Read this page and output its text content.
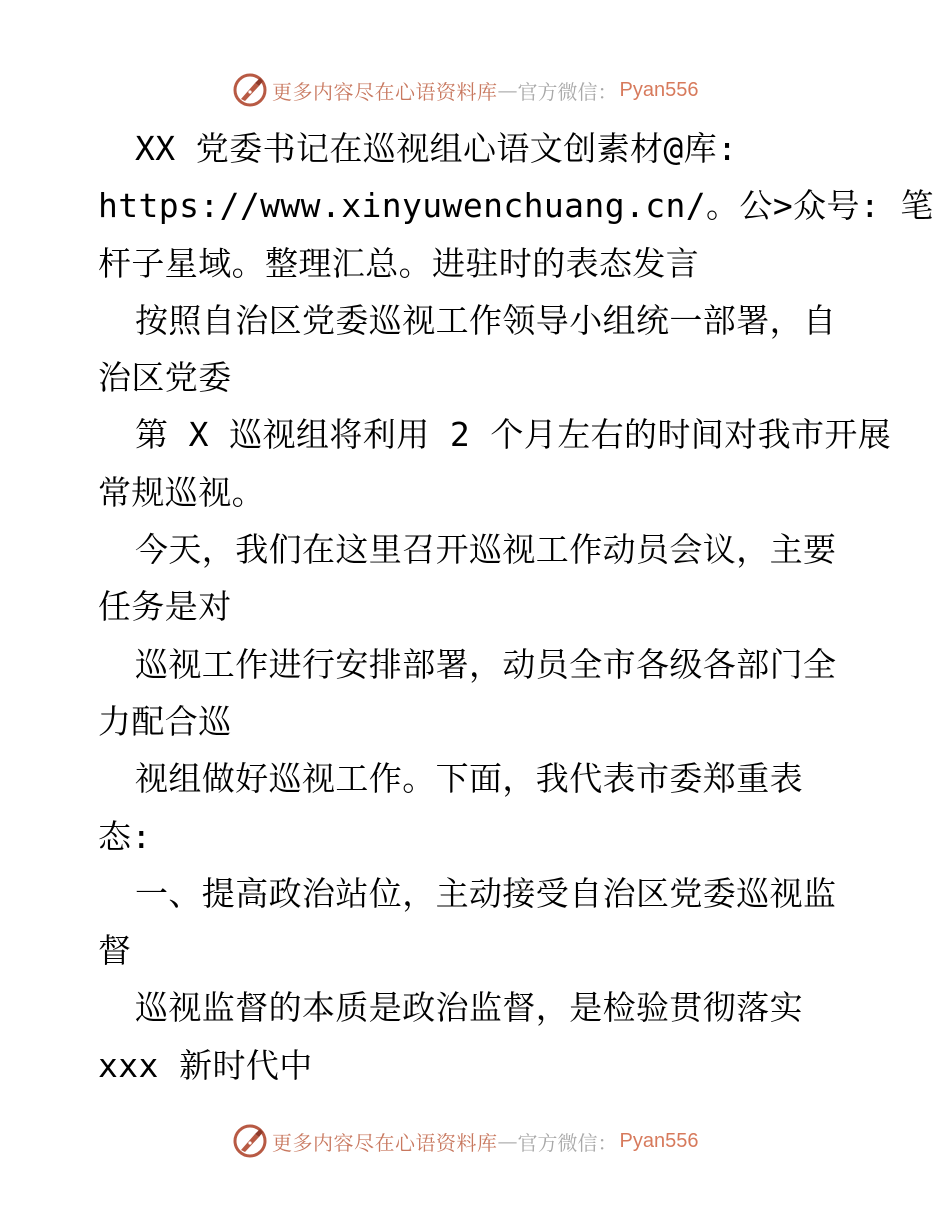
更多内容尽在心语资料库 — 官方微信： Pyan556
XX 党委书记在巡视组心语文创素材@库:
https://www.xinyuwenchuang.cn/。公>众号: 笔
杆子星域。整理汇总。进驻时的表态发言
按照自治区党委巡视工作领导小组统一部署，自
治区党委
第 X 巡视组将利用 2 个月左右的时间对我市开展
常规巡视。
今天，我们在这里召开巡视工作动员会议，主要
任务是对
巡视工作进行安排部署，动员全市各级各部门全
力配合巡
视组做好巡视工作。下面，我代表市委郑重表
态:
一、提高政治站位，主动接受自治区党委巡视监
督
巡视监督的本质是政治监督，是检验贯彻落实
xxx 新时代中
更多内容尽在心语资料库 — 官方微信： Pyan556
